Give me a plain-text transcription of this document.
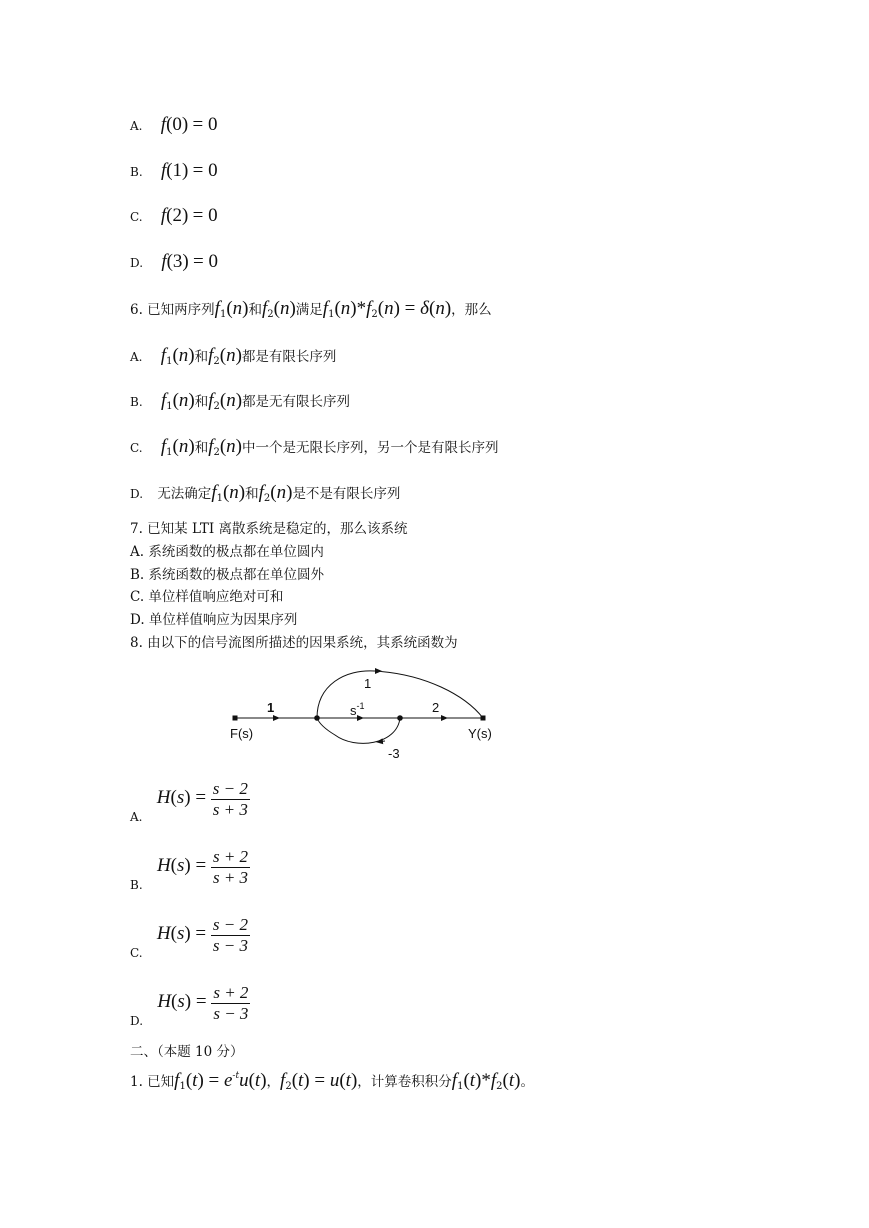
A. f(0) = 0
B. f(1) = 0
C. f(2) = 0
D. f(3) = 0
6. 已知两序列$f_1(n)$和$f_2(n)$满足$f_1(n)*f_2(n) = \delta(n)$，那么
A. $f_1(n)$和$f_2(n)$都是有限长序列
B. $f_1(n)$和$f_2(n)$都是无有限长序列
C. $f_1(n)$和$f_2(n)$中一个是无限长序列，另一个是有限长序列
D. 无法确定$f_1(n)$和$f_2(n)$是不是有限长序列
7. 已知某 LTI 离散系统是稳定的，那么该系统
A. 系统函数的极点都在单位圆内
B. 系统函数的极点都在单位圆外
C. 单位样值响应绝对可和
D. 单位样值响应为因果序列
8. 由以下的信号流图所描述的因果系统，其系统函数为
1	$s^{-1}$	2
1
-3
F(s)	Y(s)
A. $H(s) = \frac{s - 2}{s + 3}$
B. $H(s) = \frac{s + 2}{s + 3}$
C. $H(s) = \frac{s - 2}{s - 3}$
D. $H(s) = \frac{s + 2}{s - 3}$
二、（本题 10 分）
1. 已知$f_1(t) = e^{-t}u(t)$，$f_2(t) = u(t)$，计算卷积积分$f_1(t)*f_2(t)$。
